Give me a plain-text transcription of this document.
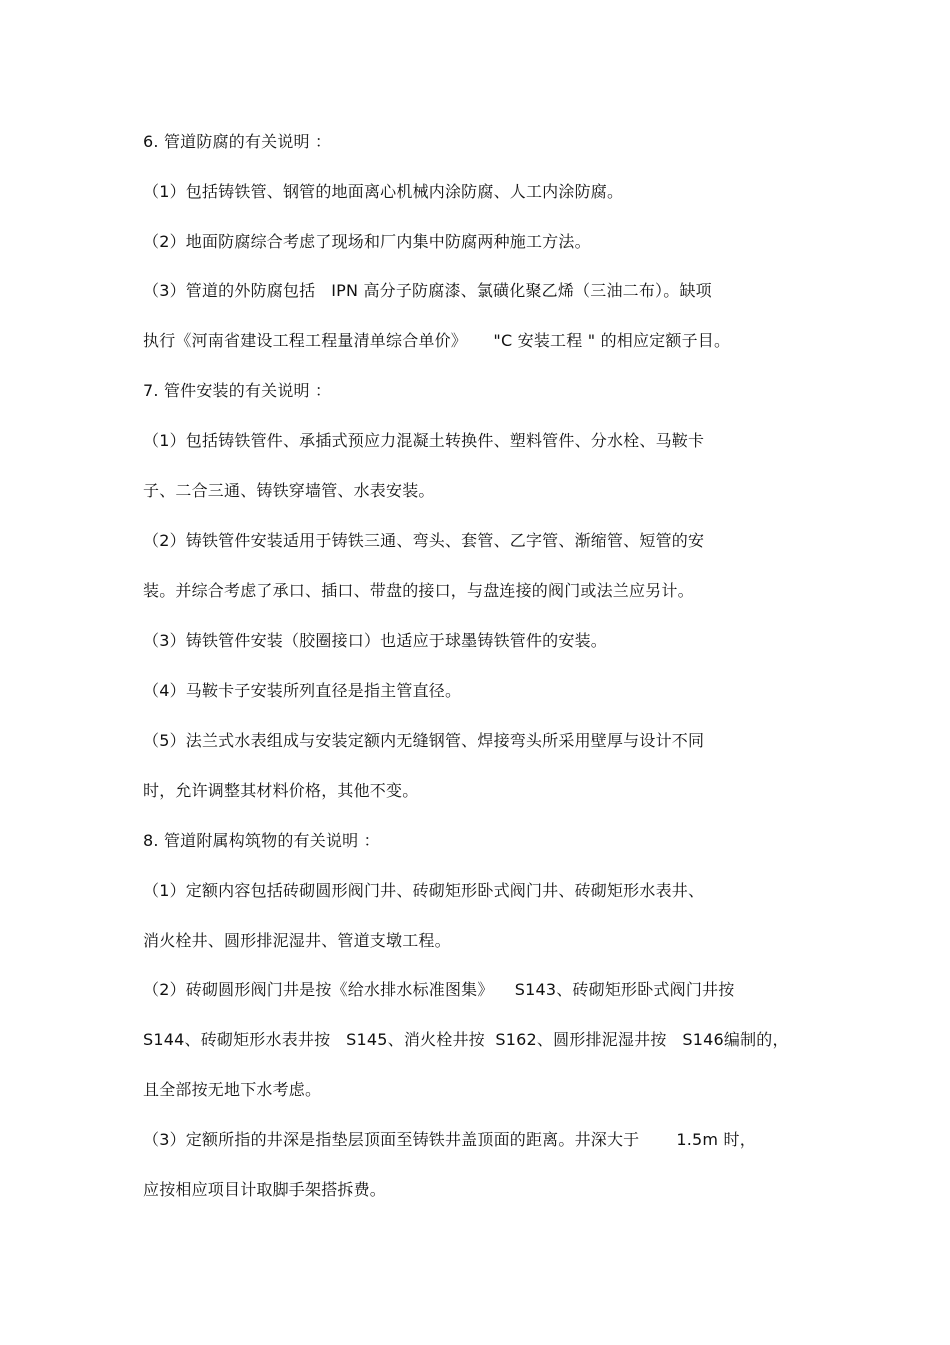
6. 管道防腐的有关说明 ：
（1）包括铸铁管、钢管的地面离心机械内涂防腐、人工内涂防腐。
（2）地面防腐综合考虑了现场和厂内集中防腐两种施工方法。
（3）管道的外防腐包括   IPN 高分子防腐漆、氯磺化聚乙烯（三油二布）。缺项
执行《河南省建设工程工程量清单综合单价》     "C 安装工程 " 的相应定额子目。
7. 管件安装的有关说明 ：
（1）包括铸铁管件、承插式预应力混凝土转换件、塑料管件、分水栓、马鞍卡
子、二合三通、铸铁穿墙管、水表安装。
（2）铸铁管件安装适用于铸铁三通、弯头、套管、乙字管、渐缩管、短管的安
装。并综合考虑了承口、插口、带盘的接口，与盘连接的阀门或法兰应另计。
（3）铸铁管件安装（胶圈接口）也适应于球墨铸铁管件的安装。
（4）马鞍卡子安装所列直径是指主管直径。
（5）法兰式水表组成与安装定额内无缝钢管、焊接弯头所采用壁厚与设计不同
时，允许调整其材料价格，其他不变。
8. 管道附属构筑物的有关说明 ：
（1）定额内容包括砖砌圆形阀门井、砖砌矩形卧式阀门井、砖砌矩形水表井、
消火栓井、圆形排泥湿井、管道支墩工程。
（2）砖砌圆形阀门井是按《给水排水标准图集》    S143、砖砌矩形卧式阀门井按
S144、砖砌矩形水表井按   S145、消火栓井按  S162、圆形排泥湿井按   S146编制的，
且全部按无地下水考虑。
（3）定额所指的井深是指垫层顶面至铸铁井盖顶面的距离。井深大于       1.5m 时，
应按相应项目计取脚手架搭拆费。
